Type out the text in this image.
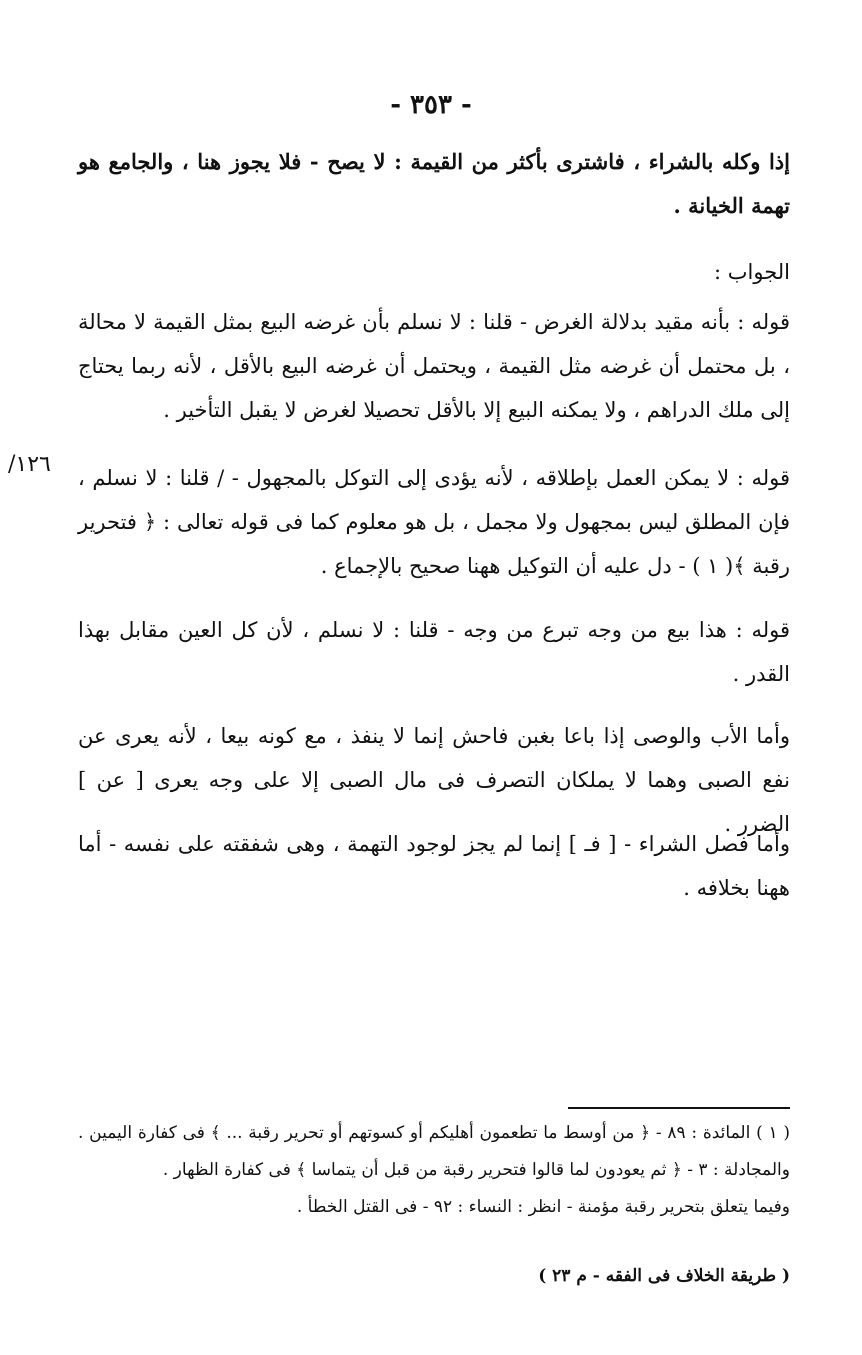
- ٣٥٣ -
١٢٦/

إذا وكله بالشراء ، فاشترى بأكثر من القيمة : لا يصح - فلا يجوز هنا ، والجامع هو تهمة الخيانة .

الجواب :

قوله : بأنه مقيد بدلالة الغرض - قلنا : لا نسلم بأن غرضه البيع بمثل القيمة لا محالة ، بل محتمل أن غرضه مثل القيمة ، ويحتمل أن غرضه البيع بالأقل ، لأنه ربما يحتاج إلى ملك الدراهم ، ولا يمكنه البيع إلا بالأقل تحصيلا لغرض لا يقبل التأخير .

قوله : لا يمكن العمل بإطلاقه ، لأنه يؤدى إلى التوكل بالمجهول - / قلنا : لا نسلم ، فإن المطلق ليس بمجهول ولا مجمل ، بل هو معلوم كما فى قوله تعالى : ﴿ فتحرير رقبة ﴾( ١ ) - دل عليه أن التوكيل ههنا صحيح بالإجماع .

قوله : هذا بيع من وجه تبرع من وجه - قلنا : لا نسلم ، لأن كل العين مقابل بهذا القدر .

وأما الأب والوصى إذا باعا بغبن فاحش إنما لا ينفذ ، مع كونه بيعا ، لأنه يعرى عن نفع الصبى وهما لا يملكان التصرف فى مال الصبى إلا على وجه يعرى [ عن ] الضرر .

وأما فصل الشراء - [ فـ ] إنما لم يجز لوجود التهمة ، وهى شفقته على نفسه - أما ههنا بخلافه .

( ١ ) المائدة : ٨٩ - ﴿ من أوسط ما تطعمون أهليكم أو كسوتهم أو تحرير رقبة ... ﴾ فى كفارة اليمين . والمجادلة : ٣ - ﴿ ثم يعودون لما قالوا فتحرير رقبة من قبل أن يتماسا ﴾ فى كفارة الظهار .

وفيما يتعلق بتحرير رقبة مؤمنة - انظر : النساء : ٩٢ - فى القتل الخطأ .

( طريقة الخلاف فى الفقه - م ٢٣ )
